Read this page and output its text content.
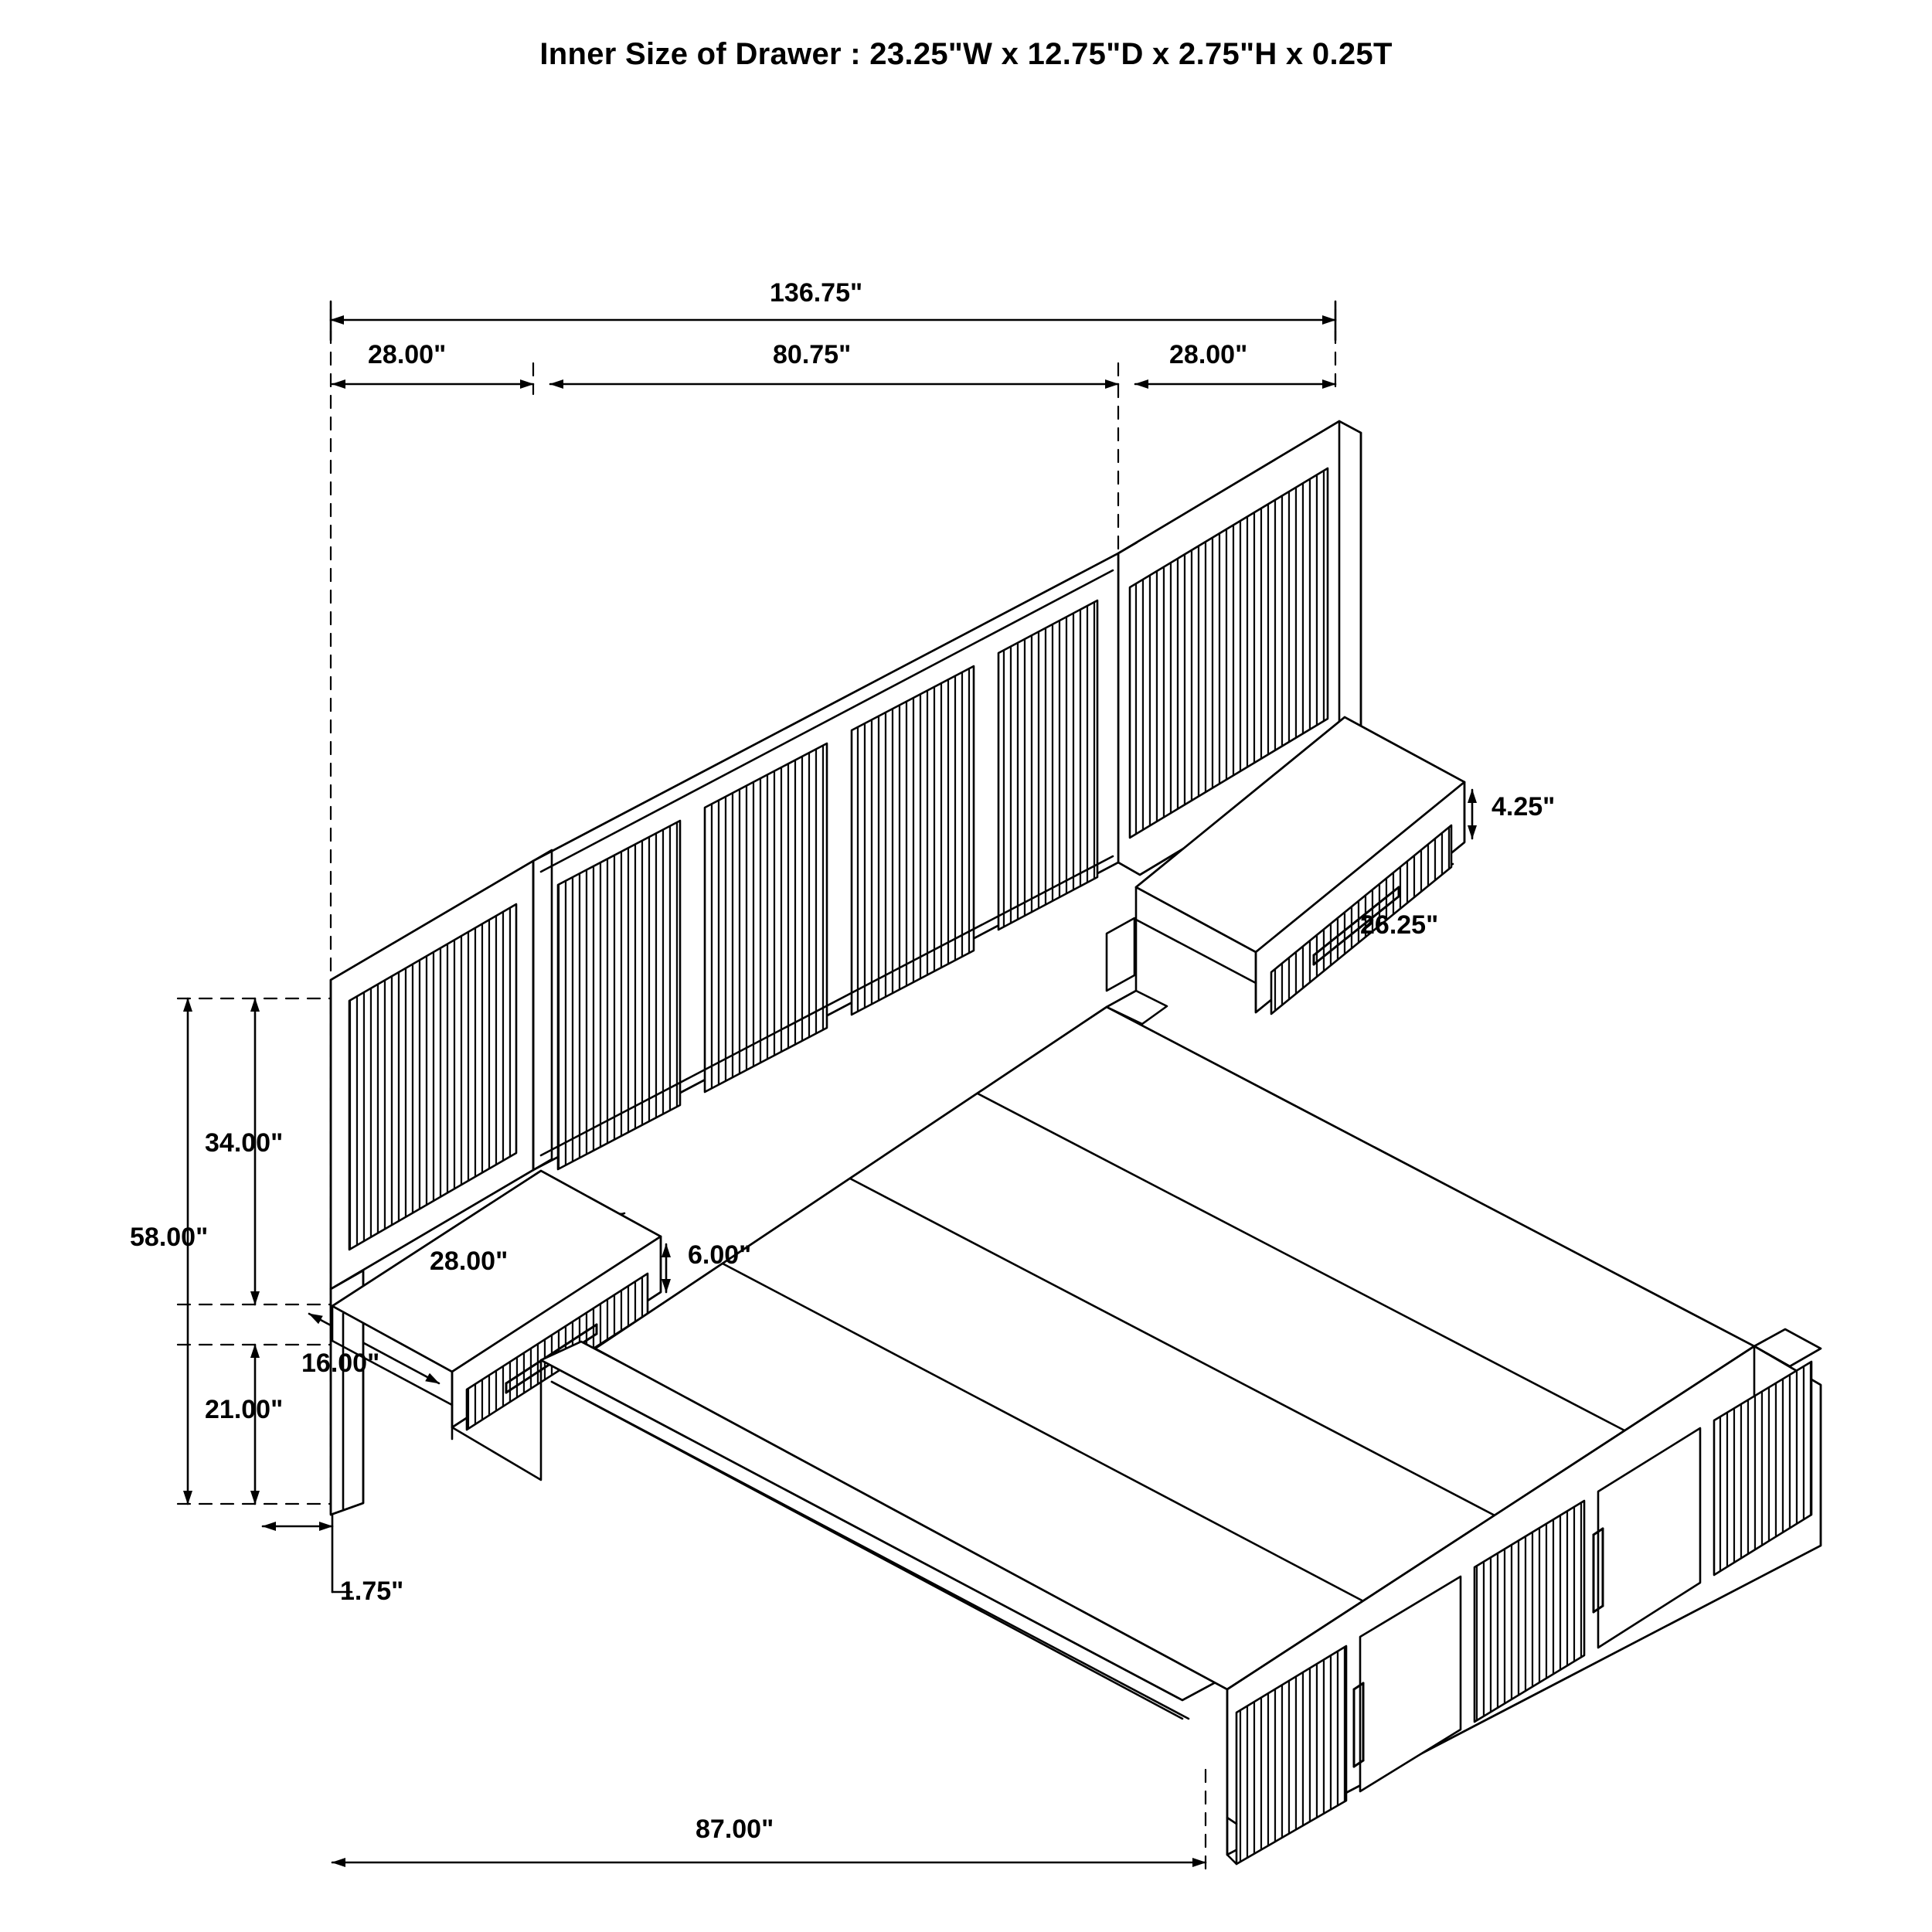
Inner Size of Drawer : 23.25"W x 12.75"D x 2.75"H x 0.25T
136.75"
28.00"	80.75"	28.00"
4.25"
26.25"
34.00"
58.00"
28.00"	6.00"
16.00"
21.00"
1.75"
87.00"
